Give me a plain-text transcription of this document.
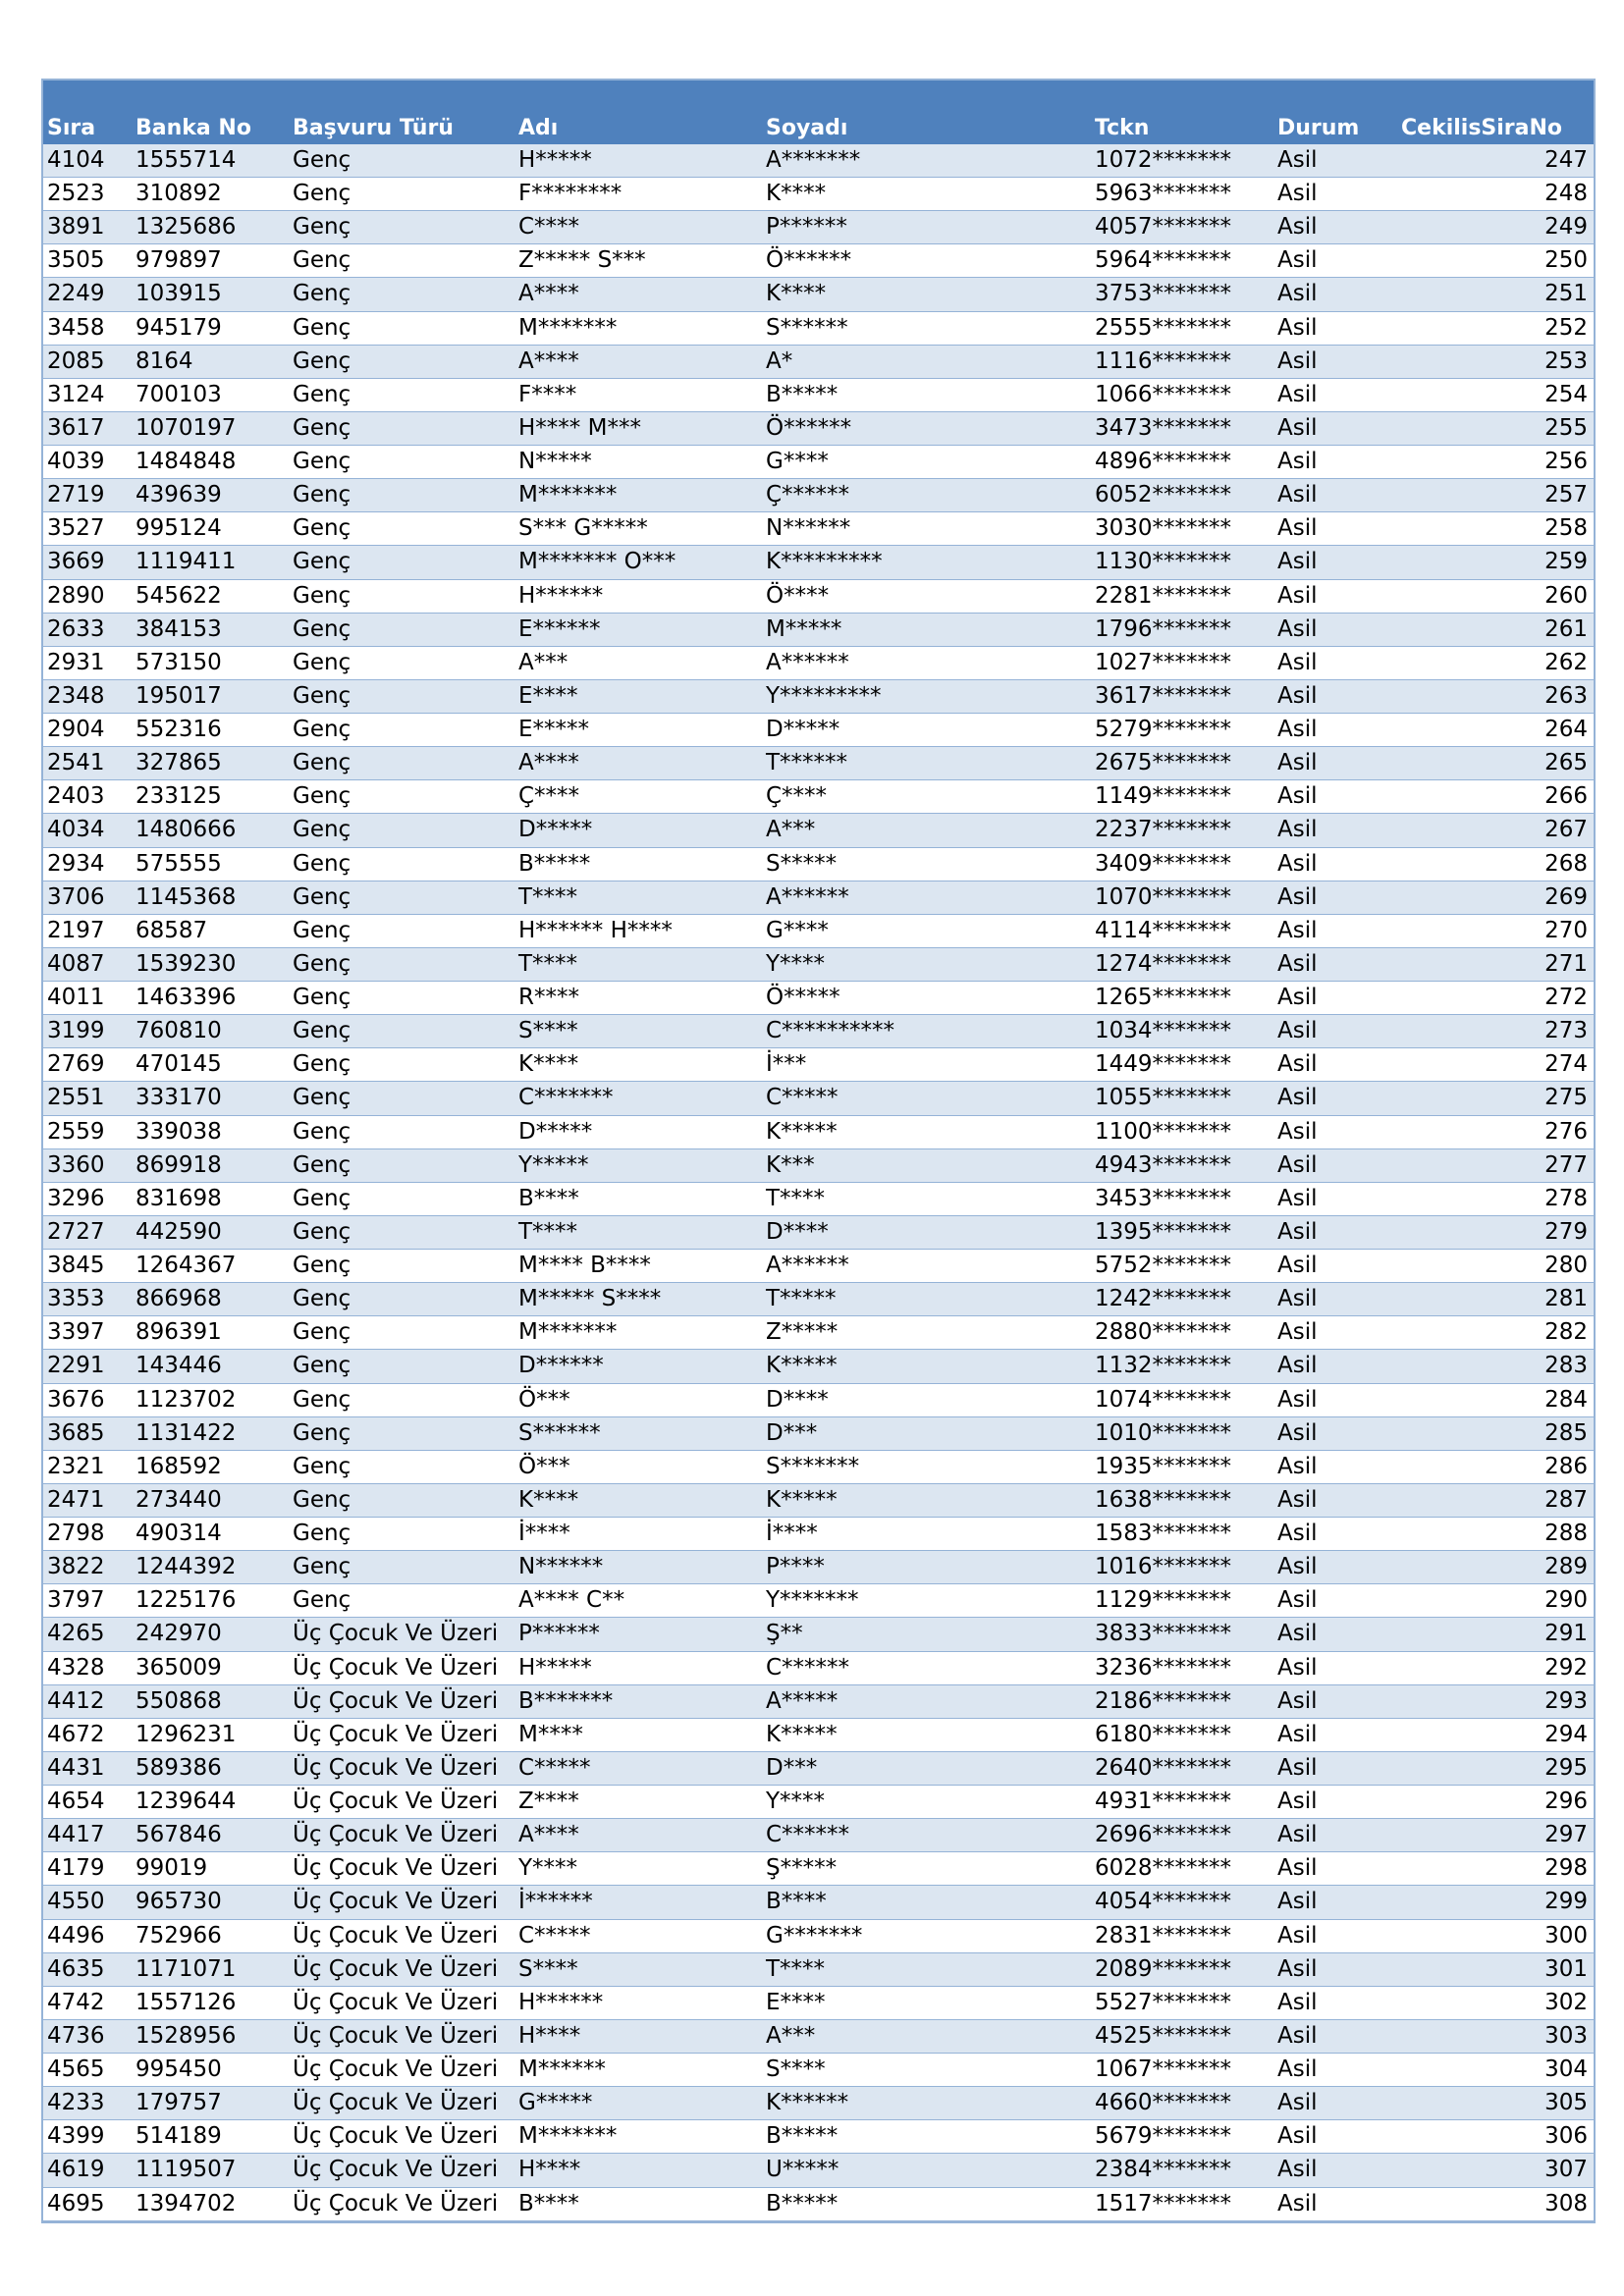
Sıra	Banka No	Başvuru Türü	Adı	Soyadı	Tckn	Durum	CekilisSiraNo
4104	1555714	Genç	H*****	A*******	1072*******	Asil	247
2523	310892	Genç	F********	K****	5963*******	Asil	248
3891	1325686	Genç	C****	P******	4057*******	Asil	249
3505	979897	Genç	Z***** S***	Ö******	5964*******	Asil	250
2249	103915	Genç	A****	K****	3753*******	Asil	251
3458	945179	Genç	M*******	S******	2555*******	Asil	252
2085	8164	Genç	A****	A*	1116*******	Asil	253
3124	700103	Genç	F****	B*****	1066*******	Asil	254
3617	1070197	Genç	H**** M***	Ö******	3473*******	Asil	255
4039	1484848	Genç	N*****	G****	4896*******	Asil	256
2719	439639	Genç	M*******	Ç******	6052*******	Asil	257
3527	995124	Genç	S*** G*****	N******	3030*******	Asil	258
3669	1119411	Genç	M******* O***	K*********	1130*******	Asil	259
2890	545622	Genç	H******	Ö****	2281*******	Asil	260
2633	384153	Genç	E******	M*****	1796*******	Asil	261
2931	573150	Genç	A***	A******	1027*******	Asil	262
2348	195017	Genç	E****	Y*********	3617*******	Asil	263
2904	552316	Genç	E*****	D*****	5279*******	Asil	264
2541	327865	Genç	A****	T******	2675*******	Asil	265
2403	233125	Genç	Ç****	Ç****	1149*******	Asil	266
4034	1480666	Genç	D*****	A***	2237*******	Asil	267
2934	575555	Genç	B*****	S*****	3409*******	Asil	268
3706	1145368	Genç	T****	A******	1070*******	Asil	269
2197	68587	Genç	H****** H****	G****	4114*******	Asil	270
4087	1539230	Genç	T****	Y****	1274*******	Asil	271
4011	1463396	Genç	R****	Ö*****	1265*******	Asil	272
3199	760810	Genç	S****	C**********	1034*******	Asil	273
2769	470145	Genç	K****	İ***	1449*******	Asil	274
2551	333170	Genç	C*******	C*****	1055*******	Asil	275
2559	339038	Genç	D*****	K*****	1100*******	Asil	276
3360	869918	Genç	Y*****	K***	4943*******	Asil	277
3296	831698	Genç	B****	T****	3453*******	Asil	278
2727	442590	Genç	T****	D****	1395*******	Asil	279
3845	1264367	Genç	M**** B****	A******	5752*******	Asil	280
3353	866968	Genç	M***** S****	T*****	1242*******	Asil	281
3397	896391	Genç	M*******	Z*****	2880*******	Asil	282
2291	143446	Genç	D******	K*****	1132*******	Asil	283
3676	1123702	Genç	Ö***	D****	1074*******	Asil	284
3685	1131422	Genç	S******	D***	1010*******	Asil	285
2321	168592	Genç	Ö***	S*******	1935*******	Asil	286
2471	273440	Genç	K****	K*****	1638*******	Asil	287
2798	490314	Genç	İ****	İ****	1583*******	Asil	288
3822	1244392	Genç	N******	P****	1016*******	Asil	289
3797	1225176	Genç	A**** C**	Y*******	1129*******	Asil	290
4265	242970	Üç Çocuk Ve Üzeri	P******	Ş**	3833*******	Asil	291
4328	365009	Üç Çocuk Ve Üzeri	H*****	C******	3236*******	Asil	292
4412	550868	Üç Çocuk Ve Üzeri	B*******	A*****	2186*******	Asil	293
4672	1296231	Üç Çocuk Ve Üzeri	M****	K*****	6180*******	Asil	294
4431	589386	Üç Çocuk Ve Üzeri	C*****	D***	2640*******	Asil	295
4654	1239644	Üç Çocuk Ve Üzeri	Z****	Y****	4931*******	Asil	296
4417	567846	Üç Çocuk Ve Üzeri	A****	C******	2696*******	Asil	297
4179	99019	Üç Çocuk Ve Üzeri	Y****	Ş*****	6028*******	Asil	298
4550	965730	Üç Çocuk Ve Üzeri	İ******	B****	4054*******	Asil	299
4496	752966	Üç Çocuk Ve Üzeri	C*****	G*******	2831*******	Asil	300
4635	1171071	Üç Çocuk Ve Üzeri	S****	T****	2089*******	Asil	301
4742	1557126	Üç Çocuk Ve Üzeri	H******	E****	5527*******	Asil	302
4736	1528956	Üç Çocuk Ve Üzeri	H****	A***	4525*******	Asil	303
4565	995450	Üç Çocuk Ve Üzeri	M******	S****	1067*******	Asil	304
4233	179757	Üç Çocuk Ve Üzeri	G*****	K******	4660*******	Asil	305
4399	514189	Üç Çocuk Ve Üzeri	M*******	B*****	5679*******	Asil	306
4619	1119507	Üç Çocuk Ve Üzeri	H****	U*****	2384*******	Asil	307
4695	1394702	Üç Çocuk Ve Üzeri	B****	B*****	1517*******	Asil	308
